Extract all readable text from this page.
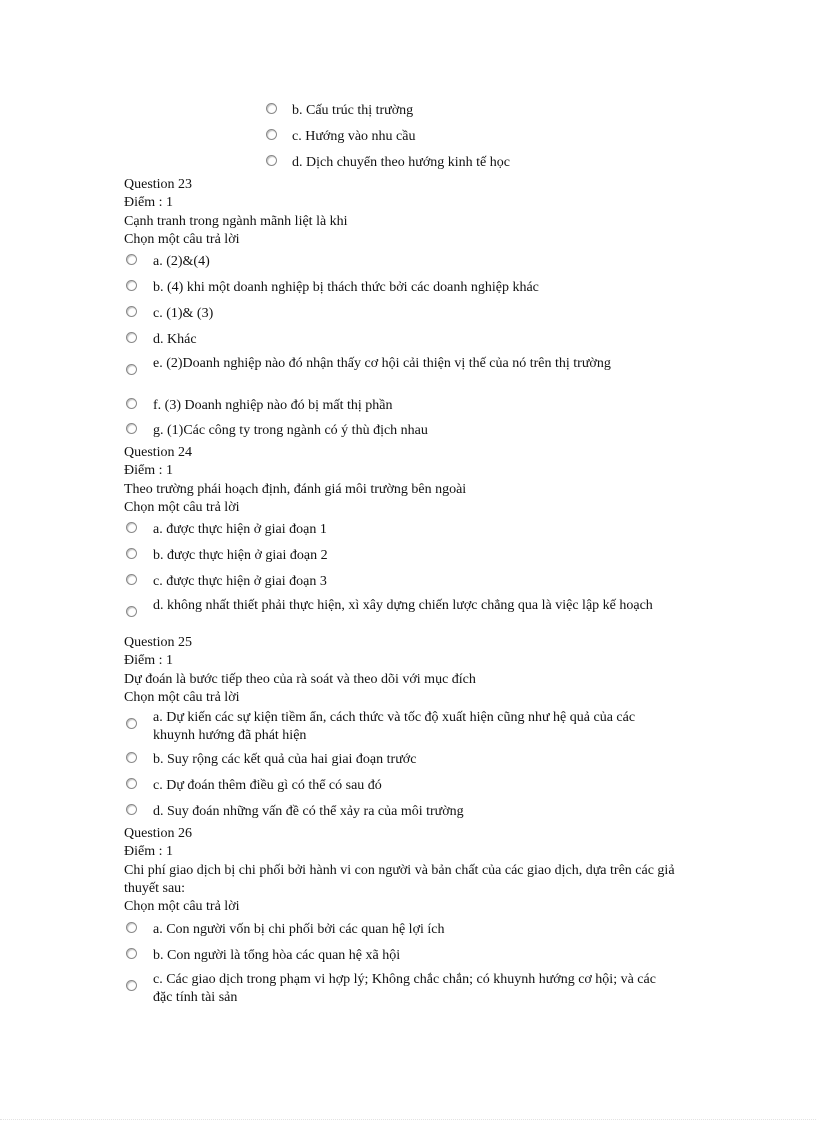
b. Cấu trúc thị trường
c. Hướng vào nhu cầu
d. Dịch chuyển theo hướng kinh tế học
Question 23
Điểm : 1
Cạnh tranh trong ngành mãnh liệt là khi
Chọn một câu trả lời
a. (2)&(4)
b. (4) khi một doanh nghiệp bị thách thức bởi các doanh nghiệp khác
c. (1)& (3)
d. Khác
e. (2)Doanh nghiệp nào đó nhận thấy cơ hội cải thiện vị thế của nó trên thị trường
f. (3) Doanh nghiệp nào đó bị mất thị phần
g. (1)Các công ty trong ngành có ý thù địch nhau
Question 24
Điểm : 1
Theo trường phái hoạch định, đánh giá môi trường bên ngoài
Chọn một câu trả lời
a. được thực hiện ở giai đoạn 1
b. được thực hiện ở giai đoạn 2
c. được thực hiện ở giai đoạn 3
d. không nhất thiết phải thực hiện, xì xây dựng chiến lược chẳng qua là việc lập kế hoạch
Question 25
Điểm : 1
Dự đoán là bước tiếp theo của rà soát và theo dõi với mục đích
Chọn một câu trả lời
a. Dự kiến các sự kiện tiềm ẩn, cách thức và tốc độ xuất hiện cũng như hệ quả của các khuynh hướng đã phát hiện
b. Suy rộng các kết quả của hai giai đoạn trước
c. Dự đoán thêm điều gì có thể có sau đó
d. Suy đoán những vấn đề có thể xảy ra của môi trường
Question 26
Điểm : 1
Chi phí giao dịch bị chi phối bởi hành vi con người và bản chất của các giao dịch, dựa trên các giả thuyết sau:
Chọn một câu trả lời
a. Con người vốn bị chi phối bởi các quan hệ lợi ích
b. Con người là tổng hòa các quan hệ xã hội
c. Các giao dịch trong phạm vi hợp lý; Không chắc chắn; có khuynh hướng cơ hội; và các đặc tính tài sản
